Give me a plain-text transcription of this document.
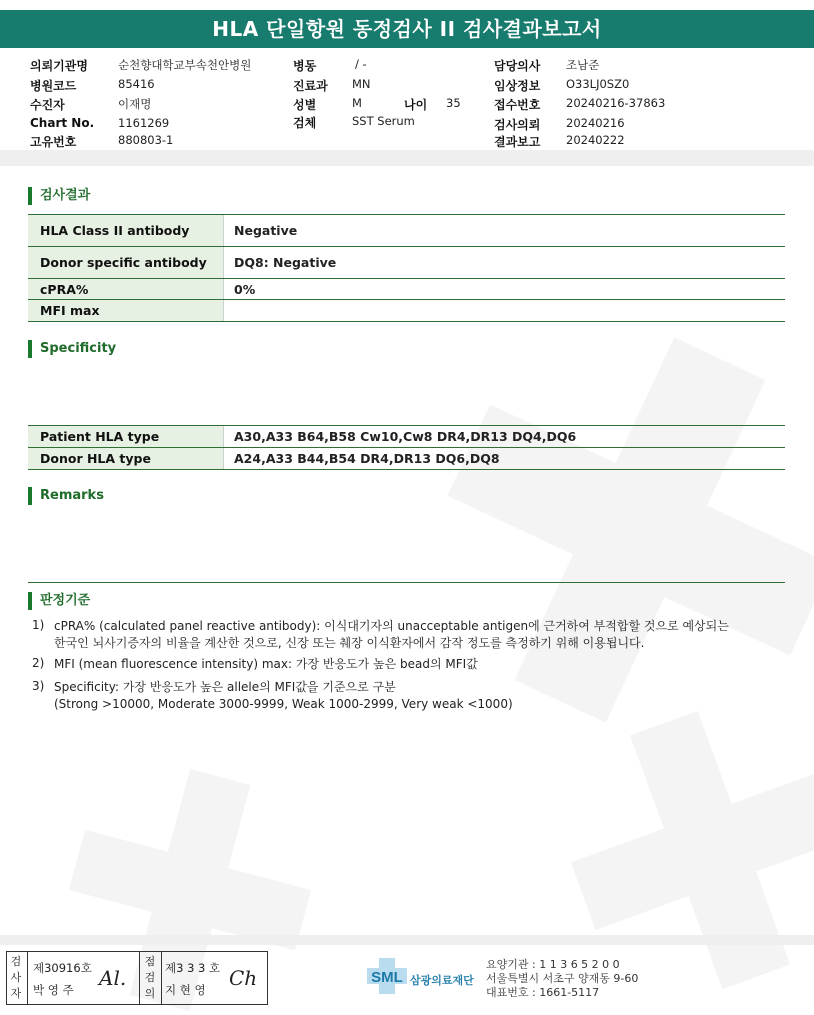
HLA 단일항원 동정검사 II 검사결과보고서
의뢰기관명	순천향대학교부속천안병원
병원코드	85416
수진자	이재명
Chart No. 1161269
고유번호	880803-1
병동	/ -
진료과 MN
성별	M	나이 35
검체	SST Serum
담당의사 조남준
임상정보 O33LJ0SZ0
접수번호 20240216-37863
검사의뢰 20240216
결과보고 20240222
검사결과
HLA Class II antibody	Negative
Donor specific antibody	DQ8: Negative
cPRA%	0%
MFI max
Specificity
Patient HLA type	A30,A33 B64,B58 Cw10,Cw8 DR4,DR13 DQ4,DQ6
Donor HLA type	A24,A33 B44,B54 DR4,DR13 DQ6,DQ8
Remarks
판정기준
1) cPRA% (calculated panel reactive antibody): 이식대기자의 unacceptable antigen에 근거하여 부적합할 것으로 예상되는
한국인 뇌사기증자의 비율을 계산한 것으로, 신장 또는 췌장 이식환자에서 감작 정도를 측정하기 위해 이용됩니다.
2) MFI (mean fluorescence intensity) max: 가장 반응도가 높은 bead의 MFI값
3) Specificity: 가장 반응도가 높은 allele의 MFI값을 기준으로 구분
(Strong >10000, Moderate 3000-9999, Weak 1000-2999, Very weak <1000)
검사자
제30916호
박 영 주 Al.
점검의
제3 3 3 호
지 현 영 Ch	SML 삼광의료재단
요양기관 : 1 1 3 6 5 2 0 0
서울특별시 서초구 양재동 9-60
대표번호 : 1661-5117
